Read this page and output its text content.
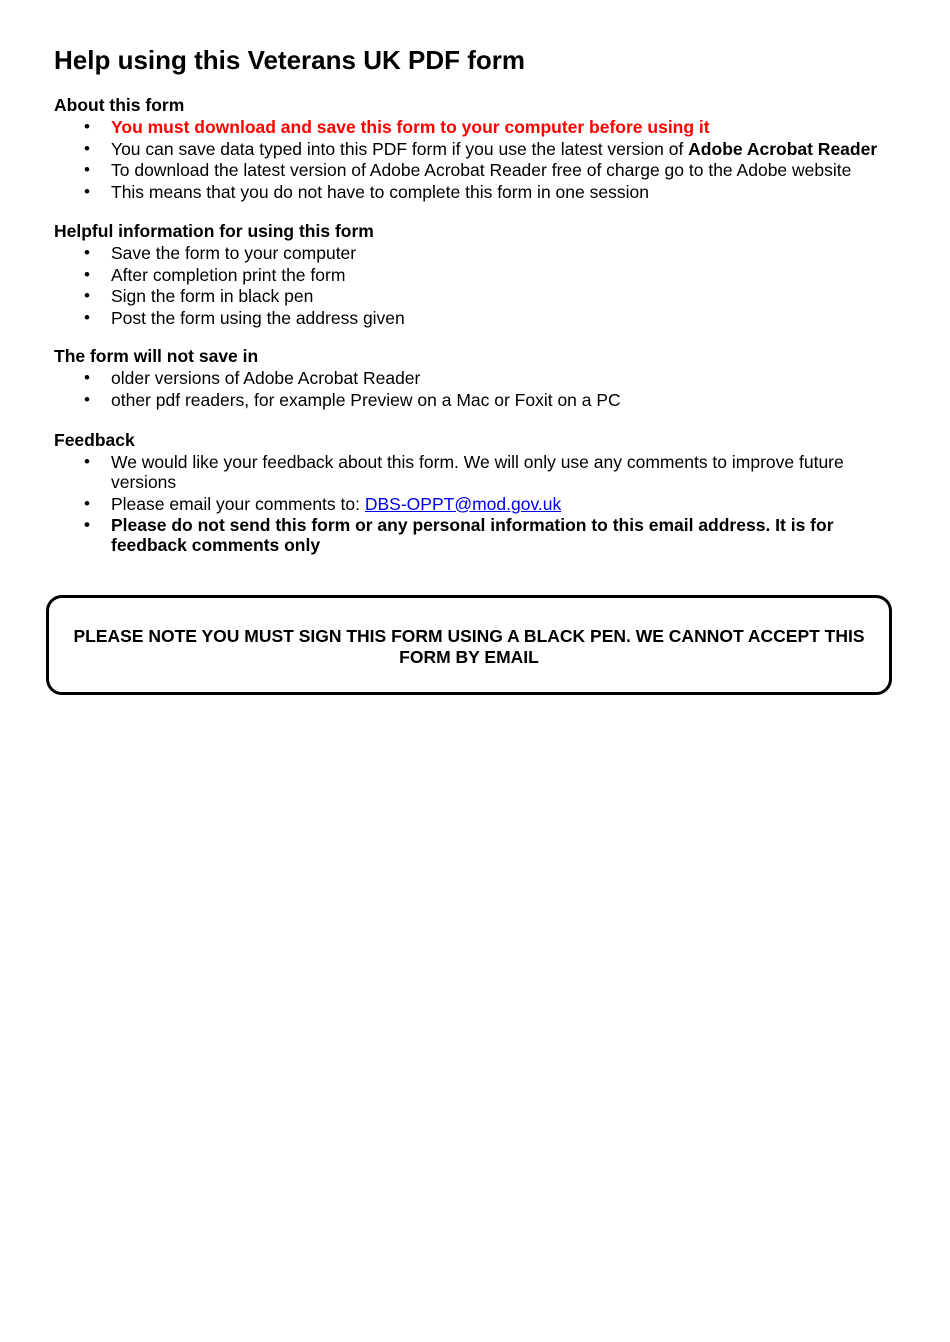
Help using this Veterans UK PDF form
About this form
• You must download and save this form to your computer before using it
• You can save data typed into this PDF form if you use the latest version of Adobe Acrobat Reader
• To download the latest version of Adobe Acrobat Reader free of charge go to the Adobe website
• This means that you do not have to complete this form in one session
Helpful information for using this form
• Save the form to your computer
• After completion print the form
• Sign the form in black pen
• Post the form using the address given
The form will not save in
• older versions of Adobe Acrobat Reader
• other pdf readers, for example Preview on a Mac or Foxit on a PC
Feedback
• We would like your feedback about this form. We will only use any comments to improve future versions
• Please email your comments to: DBS-OPPT@mod.gov.uk
• Please do not send this form or any personal information to this email address. It is for feedback comments only
PLEASE NOTE YOU MUST SIGN THIS FORM USING A BLACK PEN. WE CANNOT ACCEPT THIS FORM BY EMAIL
